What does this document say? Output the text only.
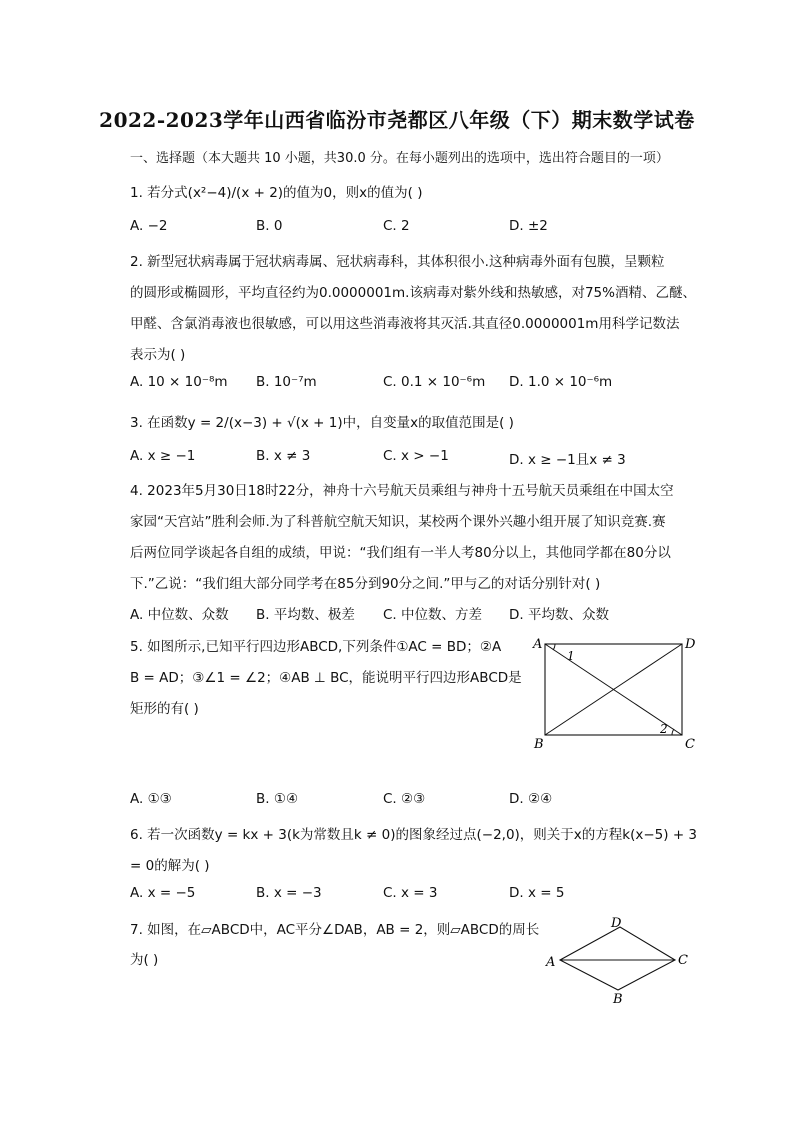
2022-2023学年山西省临汾市尧都区八年级（下）期末数学试卷
一、选择题（本大题共 10 小题，共30.0 分。在每小题列出的选项中，选出符合题目的一项）
1. 若分式(x²−4)/(x + 2)的值为0，则x的值为( )
A. −2	B. 0	C. 2	D. ±2
2. 新型冠状病毒属于冠状病毒属、冠状病毒科，其体积很小.这种病毒外面有包膜，呈颗粒
的圆形或椭圆形，平均直径约为0.0000001m.该病毒对紫外线和热敏感，对75%酒精、乙醚、
甲醛、含氯消毒液也很敏感，可以用这些消毒液将其灭活.其直径0.0000001m用科学记数法
表示为( )
A. 10 × 10⁻⁸m B. 10⁻⁷m	C. 0.1 × 10⁻⁶m D. 1.0 × 10⁻⁶m
3. 在函数y = 2/(x−3) + √(x + 1)中，自变量x的取值范围是( )
A. x ≥ −1	B. x ≠ 3	C. x > −1	D. x ≥ −1且x ≠ 3
4. 2023年5月30日18时22分，神舟十六号航天员乘组与神舟十五号航天员乘组在中国太空
家园“天宫站”胜利会师.为了科普航空航天知识，某校两个课外兴趣小组开展了知识竞赛.赛
后两位同学谈起各自组的成绩，甲说：“我们组有一半人考80分以上，其他同学都在80分以
下.”乙说：“我们组大部分同学考在85分到90分之间.”甲与乙的对话分别针对( )
A. 中位数、众数 B. 平均数、极差 C. 中位数、方差 D. 平均数、众数
5. 如图所示,已知平行四边形ABCD,下列条件①AC = BD；②A
B = AD；③∠1 = ∠2；④AB ⊥ BC，能说明平行四边形ABCD是
矩形的有( )
A	D
B	C
1
2
A. ①③	B. ①④	C. ②③	D. ②④
6. 若一次函数y = kx + 3(k为常数且k ≠ 0)的图象经过点(−2,0)，则关于x的方程k(x−5) + 3
= 0的解为( )
A. x = −5	B. x = −3	C. x = 3	D. x = 5
7. 如图，在▱ABCD中，AC平分∠DAB，AB = 2，则▱ABCD的周长
为( )
D
A	C
B
